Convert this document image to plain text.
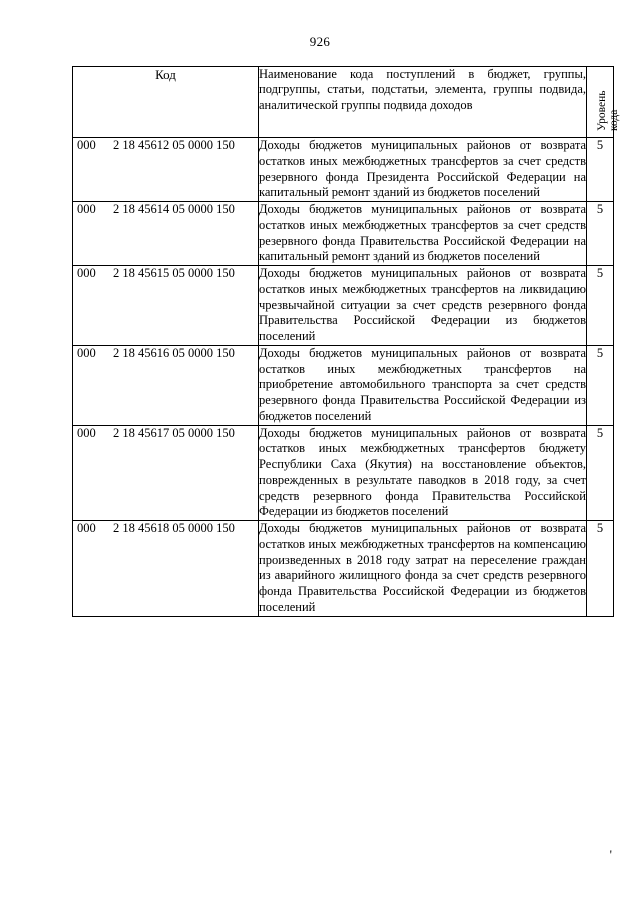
926
Код	Наименование кода поступлений в бюджет, группы, подгруппы, статьи, подстатьи, элемента, группы подвида, аналитической группы подвида доходов	Уровень кода

000 2 18 45612 05 0000 150	Доходы бюджетов муниципальных районов от возврата остатков иных межбюджетных трансфертов за счет средств резервного фонда Президента Российской Федерации на капитальный ремонт зданий из бюджетов поселений	5

000 2 18 45614 05 0000 150	Доходы бюджетов муниципальных районов от возврата остатков иных межбюджетных трансфертов за счет средств резервного фонда Правительства Российской Федерации на капитальный ремонт зданий из бюджетов поселений	5

000 2 18 45615 05 0000 150	Доходы бюджетов муниципальных районов от возврата остатков иных межбюджетных трансфертов на ликвидацию чрезвычайной ситуации за счет средств резервного фонда Правительства Российской Федерации из бюджетов поселений	5

000 2 18 45616 05 0000 150	Доходы бюджетов муниципальных районов от возврата остатков иных межбюджетных трансфертов на приобретение автомобильного транспорта за счет средств резервного фонда Правительства Российской Федерации из бюджетов поселений	5

000 2 18 45617 05 0000 150	Доходы бюджетов муниципальных районов от возврата остатков иных межбюджетных трансфертов бюджету Республики Саха (Якутия) на восстановление объектов, поврежденных в результате паводков в 2018 году, за счет средств резервного фонда Правительства Российской Федерации из бюджетов поселений	5

000 2 18 45618 05 0000 150	Доходы бюджетов муниципальных районов от возврата остатков иных межбюджетных трансфертов на компенсацию произведенных в 2018 году затрат на переселение граждан из аварийного жилищного фонда за счет средств резервного фонда Правительства Российской Федерации из бюджетов поселений	5
'
